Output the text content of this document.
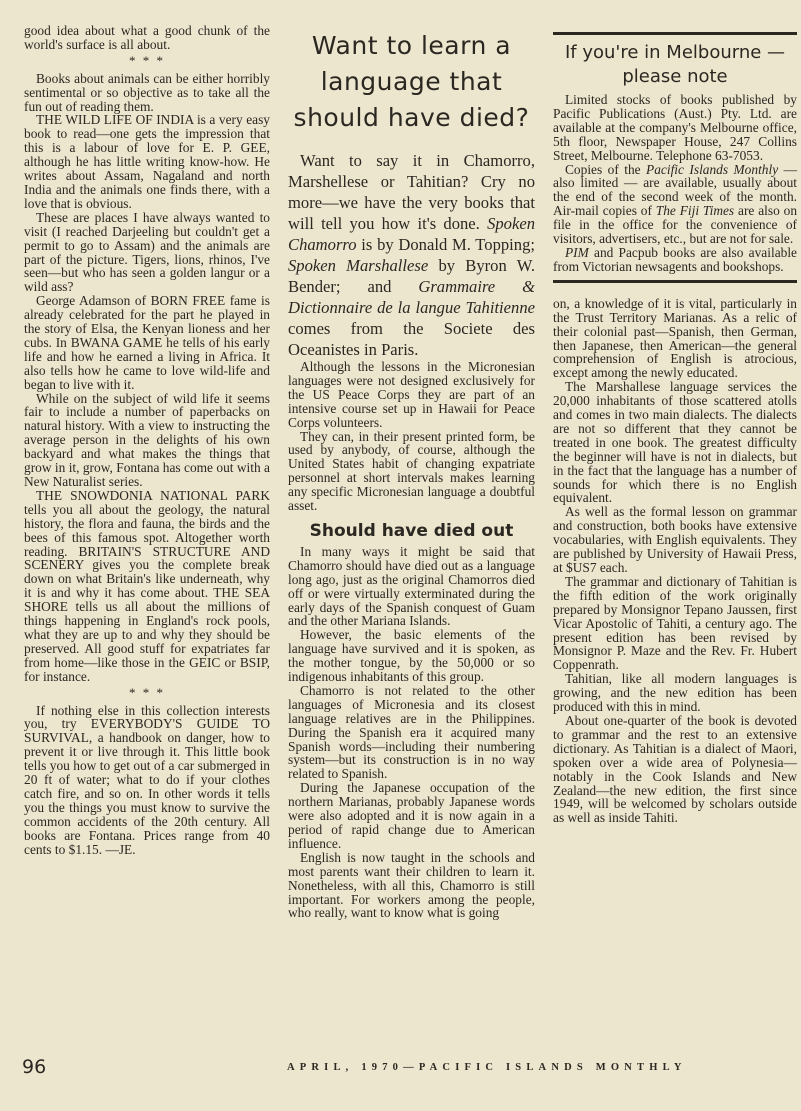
good idea about what a good chunk of the world's surface is all about.

* * *

Books about animals can be either horribly sentimental or so objective as to take all the fun out of reading them.

THE WILD LIFE OF INDIA is a very easy book to read—one gets the impression that this is a labour of love for E. P. GEE, although he has little writing know-how. He writes about Assam, Nagaland and north India and the animals one finds there, with a love that is obvious.

These are places I have always wanted to visit (I reached Darjeeling but couldn't get a permit to go to Assam) and the animals are part of the picture. Tigers, lions, rhinos, I've seen—but who has seen a golden langur or a wild ass?

George Adamson of BORN FREE fame is already celebrated for the part he played in the story of Elsa, the Kenyan lioness and her cubs. In BWANA GAME he tells of his early life and how he earned a living in Africa. It also tells how he came to love wild-life and began to live with it.

While on the subject of wild life it seems fair to include a number of paperbacks on natural history. With a view to instructing the average person in the delights of his own backyard and what makes the things that grow in it, grow, Fontana has come out with a New Naturalist series.

THE SNOWDONIA NATIONAL PARK tells you all about the geology, the natural history, the flora and fauna, the birds and the bees of this famous spot. Altogether worth reading. BRITAIN'S STRUCTURE AND SCENERY gives you the complete break down on what Britain's like underneath, why it is and why it has come about. THE SEA SHORE tells us all about the millions of things happening in England's rock pools, what they are up to and why they should be preserved. All good stuff for expatriates far from home—like those in the GEIC or BSIP, for instance.

* * *

If nothing else in this collection interests you, try EVERYBODY'S GUIDE TO SURVIVAL, a handbook on danger, how to prevent it or live through it. This little book tells you how to get out of a car submerged in 20 ft of water; what to do if your clothes catch fire, and so on. In other words it tells you the things you must know to survive the common accidents of the 20th century. All books are Fontana. Prices range from 40 cents to $1.15. —JE.

Want to learn a language that should have died?

Want to say it in Chamorro, Marshellese or Tahitian? Cry no more—we have the very books that will tell you how it's done. Spoken Chamorro is by Donald M. Topping; Spoken Marshallese by Byron W. Bender; and Grammaire & Dictionnaire de la langue Tahitienne comes from the Societe des Oceanistes in Paris.

Although the lessons in the Micronesian languages were not designed exclusively for the US Peace Corps they are part of an intensive course set up in Hawaii for Peace Corps volunteers.

They can, in their present printed form, be used by anybody, of course, although the United States habit of changing expatriate personnel at short intervals makes learning any specific Micronesian language a doubtful asset.

Should have died out

In many ways it might be said that Chamorro should have died out as a language long ago, just as the original Chamorros died off or were virtually exterminated during the early days of the Spanish conquest of Guam and the other Mariana Islands.

However, the basic elements of the language have survived and it is spoken, as the mother tongue, by the 50,000 or so indigenous inhabitants of this group.

Chamorro is not related to the other languages of Micronesia and its closest language relatives are in the Philippines. During the Spanish era it acquired many Spanish words—including their numbering system—but its construction is in no way related to Spanish.

During the Japanese occupation of the northern Marianas, probably Japanese words were also adopted and it is now again in a period of rapid change due to American influence.

English is now taught in the schools and most parents want their children to learn it. Nonetheless, with all this, Chamorro is still important. For workers among the people, who really, want to know what is going

If you're in Melbourne —please note

Limited stocks of books published by Pacific Publications (Aust.) Pty. Ltd. are available at the company's Melbourne office, 5th floor, Newspaper House, 247 Collins Street, Melbourne. Telephone 63-7053.

Copies of the Pacific Islands Monthly — also limited — are available, usually about the end of the second week of the month. Air-mail copies of The Fiji Times are also on file in the office for the convenience of visitors, advertisers, etc., but are not for sale.

PIM and Pacpub books are also available from Victorian newsagents and bookshops.

on, a knowledge of it is vital, particularly in the Trust Territory Marianas. As a relic of their colonial past—Spanish, then German, then Japanese, then American—the general comprehension of English is atrocious, except among the newly educated.

The Marshallese language services the 20,000 inhabitants of those scattered atolls and comes in two main dialects. The dialects are not so different that they cannot be treated in one book. The greatest difficulty the beginner will have is not in dialects, but in the fact that the language has a number of sounds for which there is no English equivalent.

As well as the formal lesson on grammar and construction, both books have extensive vocabularies, with English equivalents. They are published by University of Hawaii Press, at $US7 each.

The grammar and dictionary of Tahitian is the fifth edition of the work originally prepared by Monsignor Tepano Jaussen, first Vicar Apostolic of Tahiti, a century ago. The present edition has been revised by Monsignor P. Maze and the Rev. Fr. Hubert Coppenrath.

Tahitian, like all modern languages is growing, and the new edition has been produced with this in mind.

About one-quarter of the book is devoted to grammar and the rest to an extensive dictionary. As Tahitian is a dialect of Maori, spoken over a wide area of Polynesia—notably in the Cook Islands and New Zealand—the new edition, the first since 1949, will be welcomed by scholars outside as well as inside Tahiti.

96	APRIL, 1970—PACIFIC ISLANDS MONTHLY
